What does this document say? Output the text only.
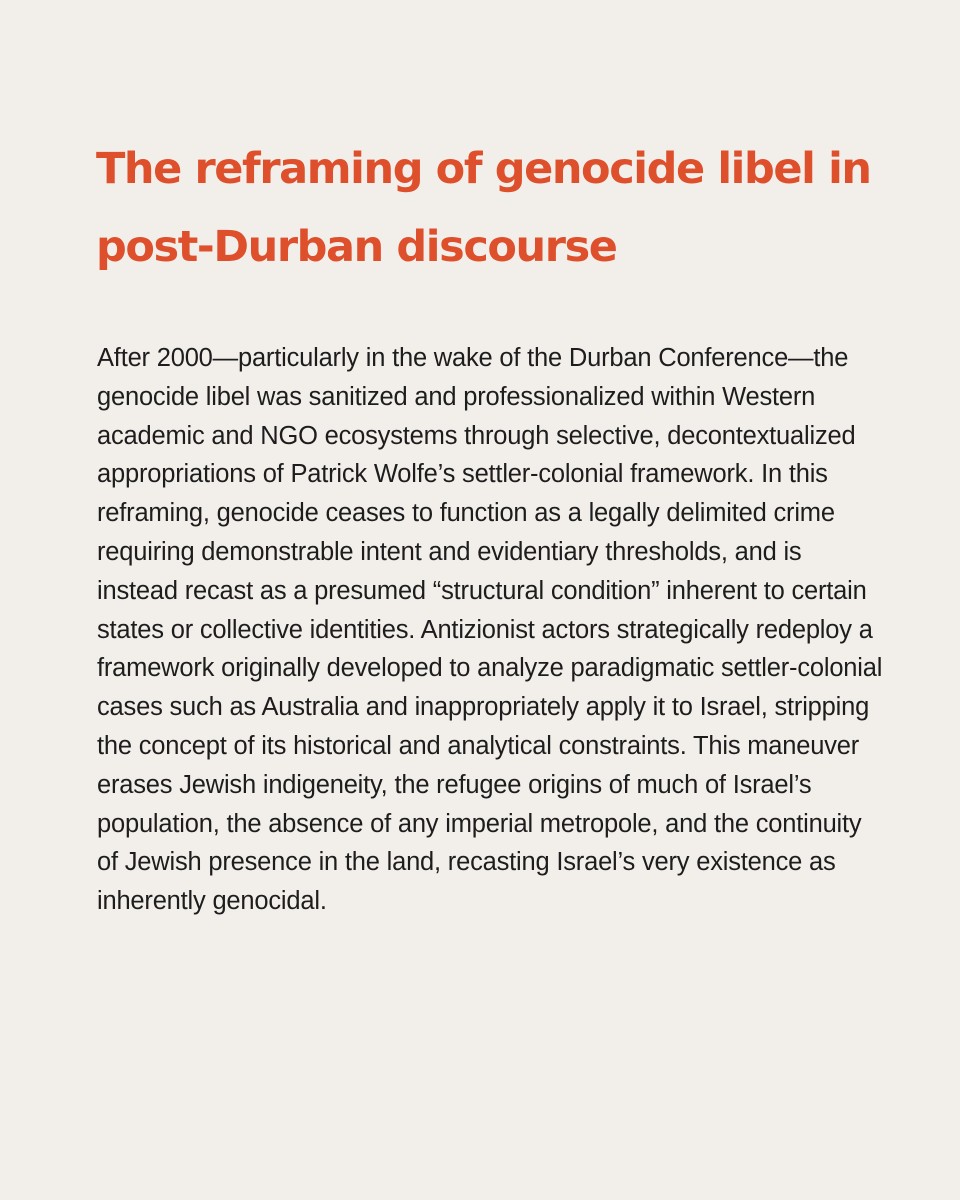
The reframing of genocide libel in post-Durban discourse

After 2000—particularly in the wake of the Durban Conference—the genocide libel was sanitized and professionalized within Western academic and NGO ecosystems through selective, decontextualized appropriations of Patrick Wolfe’s settler-colonial framework. In this reframing, genocide ceases to function as a legally delimited crime requiring demonstrable intent and evidentiary thresholds, and is instead recast as a presumed “structural condition” inherent to certain states or collective identities. Antizionist actors strategically redeploy a framework originally developed to analyze paradigmatic settler-colonial cases such as Australia and inappropriately apply it to Israel, stripping the concept of its historical and analytical constraints. This maneuver erases Jewish indigeneity, the refugee origins of much of Israel’s population, the absence of any imperial metropole, and the continuity of Jewish presence in the land, recasting Israel’s very existence as inherently genocidal.
